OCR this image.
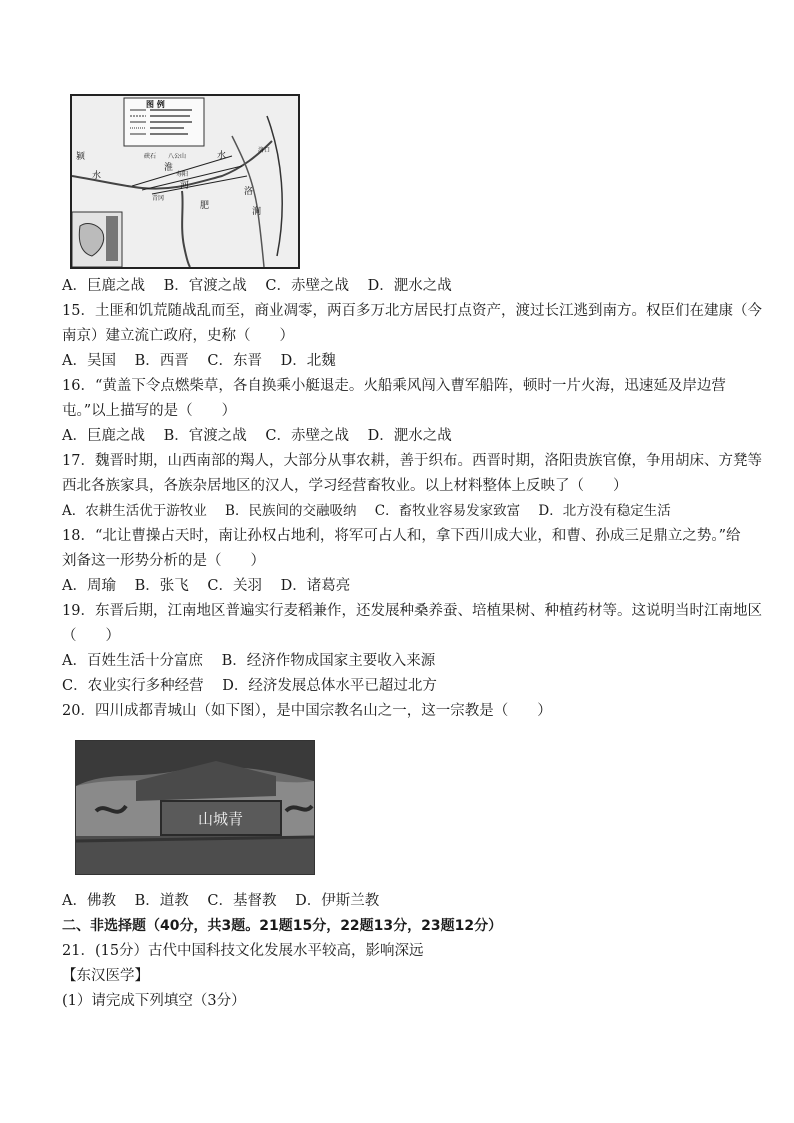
颍
水
淮
河
洛
涧
水
肥
硖石 八公山
寿阳
洛口
青冈
图 例
A．巨鹿之战 B．官渡之战 C．赤壁之战 D．淝水之战
15．土匪和饥荒随战乱而至，商业凋零，两百多万北方居民打点资产，渡过长江逃到南方。权臣们在建康（今
南京）建立流亡政府，史称（　　）
A．吴国 B．西晋 C．东晋 D．北魏
16．“黄盖下令点燃柴草，各自换乘小艇退走。火船乘风闯入曹军船阵，顿时一片火海，迅速延及岸边营
屯。”以上描写的是（　　）
A．巨鹿之战 B．官渡之战 C．赤壁之战 D．淝水之战
17．魏晋时期，山西南部的羯人，大部分从事农耕，善于织布。西晋时期，洛阳贵族官僚，争用胡床、方凳等
西北各族家具，各族杂居地区的汉人，学习经营畜牧业。以上材料整体上反映了（　　）
A．农耕生活优于游牧业 B．民族间的交融吸纳 C．畜牧业容易发家致富 D．北方没有稳定生活
18．“北让曹操占天时，南让孙权占地利，将军可占人和，拿下西川成大业，和曹、孙成三足鼎立之势。”给
刘备这一形势分析的是（　　）
A．周瑜 B．张飞 C．关羽 D．诸葛亮
19．东晋后期，江南地区普遍实行麦稻兼作，还发展种桑养蚕、培植果树、种植药材等。这说明当时江南地区
（　　）
A．百姓生活十分富庶 B．经济作物成国家主要收入来源
C．农业实行多种经营 D．经济发展总体水平已超过北方
20．四川成都青城山（如下图），是中国宗教名山之一，这一宗教是（　　）
山城青
A．佛教 B．道教 C．基督教 D．伊斯兰教
二、非选择题（40分，共3题。21题15分，22题13分，23题12分）
21．(15分）古代中国科技文化发展水平较高，影响深远
【东汉医学】
(1）请完成下列填空（3分）
